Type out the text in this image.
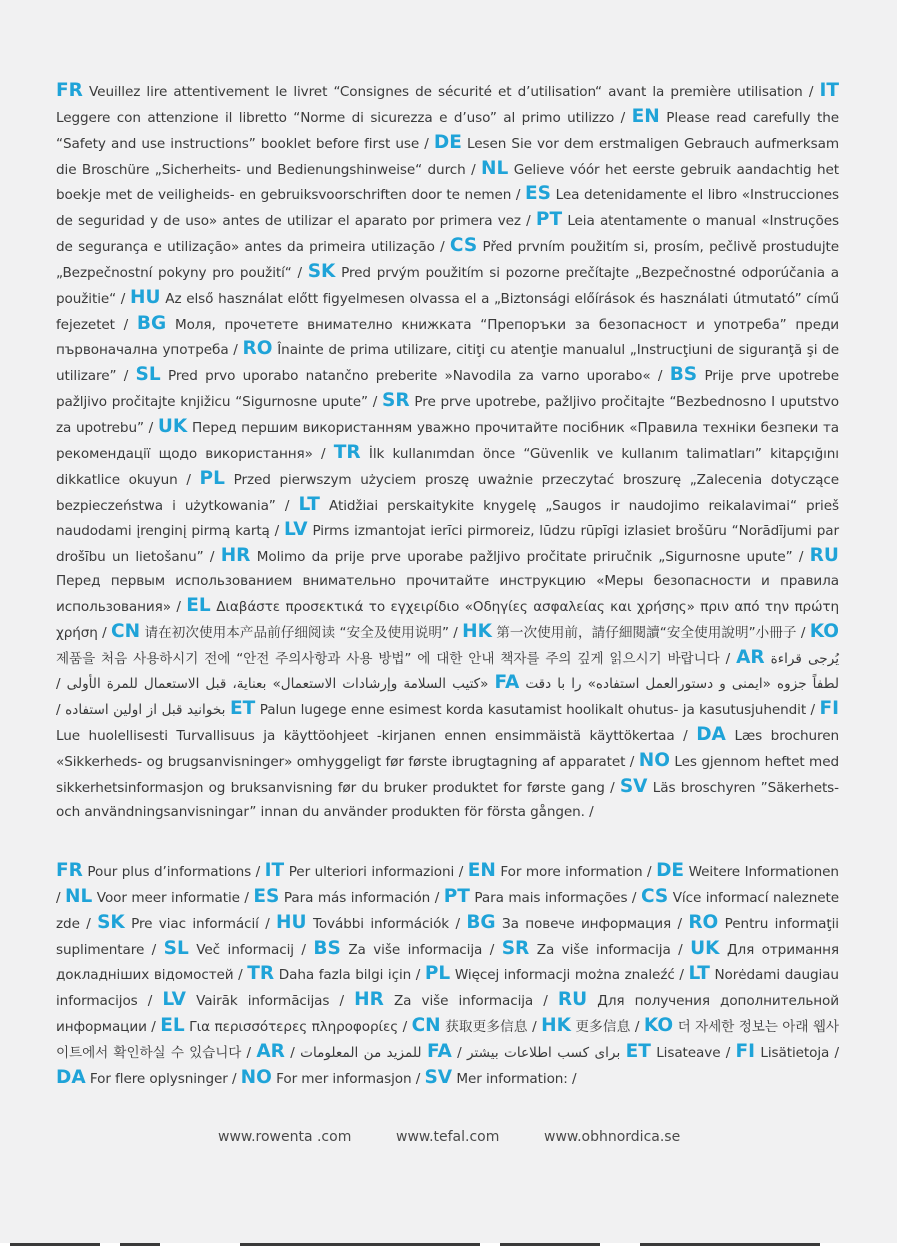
FR Veuillez lire attentivement le livret “Consignes de sécurité et d’utilisation“ avant la première utilisation / IT Leggere con attenzione il libretto “Norme di sicurezza e d’uso” al primo utilizzo / EN Please read carefully the “Safety and use instructions” booklet before first use / DE Lesen Sie vor dem erstmaligen Gebrauch aufmerksam die Broschüre „Sicherheits- und Bedienungshinweise“ durch / NL Gelieve vóór het eerste gebruik aandachtig het boekje met de veiligheids- en gebruiksvoorschriften door te nemen / ES Lea detenidamente el libro «Instrucciones de seguridad y de uso» antes de utilizar el aparato por primera vez / PT Leia atentamente o manual «Instruções de segurança e utilização» antes da primeira utilização / CS Před prvním použitím si, prosím, pečlivě prostudujte „Bezpečnostní pokyny pro použití“ / SK Pred prvým použitím si pozorne prečítajte „Bezpečnostné odporúčania a použitie“ / HU Az első használat előtt figyelmesen olvassa el a „Biztonsági előírások és használati útmutató” című fejezetet / BG Моля, прочетете внимателно книжката “Препоръки за безопасност и употреба” преди първоначална употреба / RO Înainte de prima utilizare, citiţi cu atenţie manualul „Instrucţiuni de siguranţă şi de utilizare” / SL Pred prvo uporabo natančno preberite »Navodila za varno uporabo« / BS Prije prve upotrebe pažljivo pročitajte knjižicu “Sigurnosne upute” / SR Pre prve upotrebe, pažljivo pročitajte “Bezbednosno I uputstvo za upotrebu” / UK Перед першим використанням уважно прочитайте посібник «Правила техніки безпеки та рекомендації щодо використання» / TR İlk kullanımdan önce “Güvenlik ve kullanım talimatları” kitapçığını dikkatlice okuyun / PL Przed pierwszym użyciem proszę uważnie przeczytać broszurę „Zalecenia dotyczące bezpieczeństwa i użytkowania” / LT Atidžiai perskaitykite knygelę „Saugos ir naudojimo reikalavimai“ prieš naudodami įrenginį pirmą kartą / LV Pirms izmantojat ierīci pirmoreiz, lūdzu rūpīgi izlasiet brošūru “Norādījumi par drošību un lietošanu” / HR Molimo da prije prve uporabe pažljivo pročitate priručnik „Sigurnosne upute” / RU Перед первым использованием внимательно прочитайте инструкцию «Меры безопасности и правила использования» / EL Διαβάστε προσεκτικά το εγχειρίδιο «Οδηγίες ασφαλείας και χρήσης» πριν από την πρώτη χρήση / CN 请在初次使用本产品前仔细阅读 “安全及使用说明” / HK 第一次使用前，請仔細閱讀“安全使用說明”小冊子 / KO 제품을 처음 사용하시기 전에 “안전 주의사항과 사용 방법” 에 대한 안내 책자를 주의 깊게 읽으시기 바랍니다 / AR يُرجى قراءة «كتيب السلامة وإرشادات الاستعمال» بعناية، قبل الاستعمال للمرة الأولى / FA لطفاً جزوه «ایمنی و دستورالعمل استفاده» را با دقت بخوانید قبل از اولین استفاده / ET Palun lugege enne esimest korda kasutamist hoolikalt ohutus- ja kasutusjuhendit / FI Lue huolellisesti Turvallisuus ja käyttöohjeet -kirjanen ennen ensimmäistä käyttökertaa / DA Læs brochuren «Sikkerheds- og brugsanvisninger» omhyggeligt før første ibrugtagning af apparatet / NO Les gjennom heftet med sikkerhetsinformasjon og bruksanvisning før du bruker produktet for første gang / SV Läs broschyren ”Säkerhets- och användningsanvisningar” innan du använder produkten för första gången. /
FR Pour plus d’informations / IT Per ulteriori informazioni / EN For more information / DE Weitere Informationen / NL Voor meer informatie / ES Para más información / PT Para mais informações / CS Více informací naleznete zde / SK Pre viac informácií / HU További információk / BG За повече информация / RO Pentru informaţii suplimentare / SL Več informacij / BS Za više informacija / SR Za više informacija / UK Для отримання докладніших відомостей / TR Daha fazla bilgi için / PL Więcej informacji można znaleźć / LT Norėdami daugiau informacijos / LV Vairāk informācijas / HR Za više informacija / RU Для получения дополнительной информации / EL Για περισσότερες πληροφορίες / CN 获取更多信息 / HK 更多信息 / KO 더 자세한 정보는 아래 웹사이트에서 확인하실 수 있습니다 / AR للمزيد من المعلومات / FA برای کسب اطلاعات بیشتر / ET Lisateave / FI Lisätietoja / DA For flere oplysninger / NO For mer informasjon / SV Mer information: /
www.rowenta .com	www.tefal.com	www.obhnordica.se
